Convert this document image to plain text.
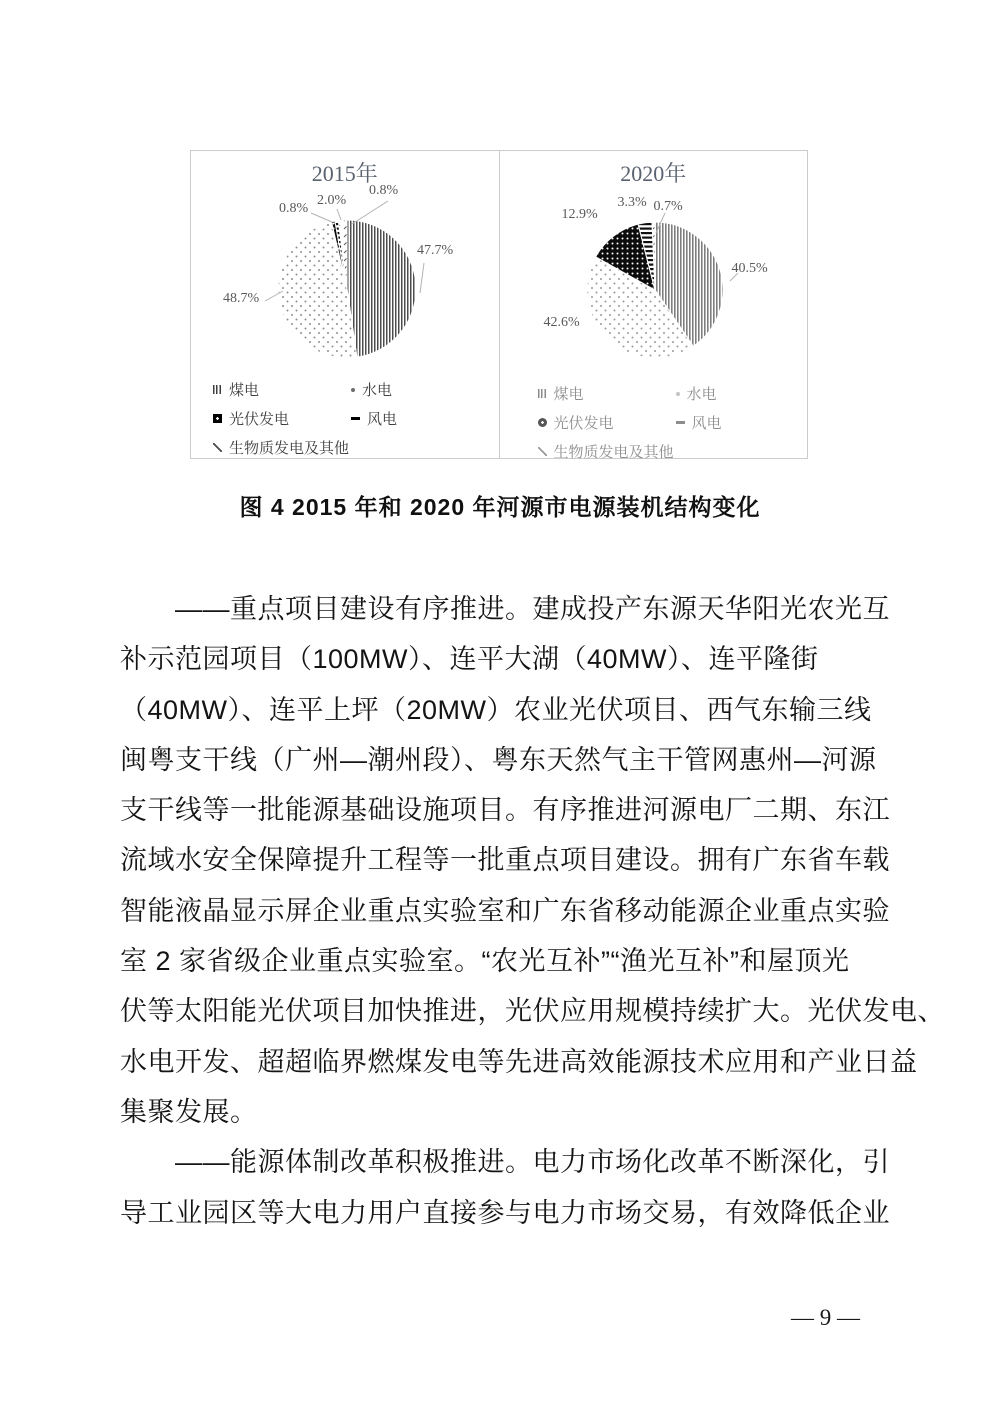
2015年
0.8%
2.0%
0.8%
47.7%
48.7%
煤电	水电
光伏发电	风电
生物质发电及其他
2020年
12.9%
3.3% 0.7%
40.5%
42.6%
煤电	水电
光伏发电	风电
生物质发电及其他
图 4 2015 年和 2020 年河源市电源装机结构变化
——重点项目建设有序推进。建成投产东源天华阳光农光互
补示范园项目（100MW）、连平大湖（40MW）、连平隆街
（40MW）、连平上坪（20MW）农业光伏项目、西气东输三线
闽粤支干线（广州—潮州段）、粤东天然气主干管网惠州—河源
支干线等一批能源基础设施项目。有序推进河源电厂二期、东江
流域水安全保障提升工程等一批重点项目建设。拥有广东省车载
智能液晶显示屏企业重点实验室和广东省移动能源企业重点实验
室 2 家省级企业重点实验室。“农光互补”“渔光互补”和屋顶光
伏等太阳能光伏项目加快推进，光伏应用规模持续扩大。光伏发电、
水电开发、超超临界燃煤发电等先进高效能源技术应用和产业日益
集聚发展。
——能源体制改革积极推进。电力市场化改革不断深化，引
导工业园区等大电力用户直接参与电力市场交易，有效降低企业
— 9 —
